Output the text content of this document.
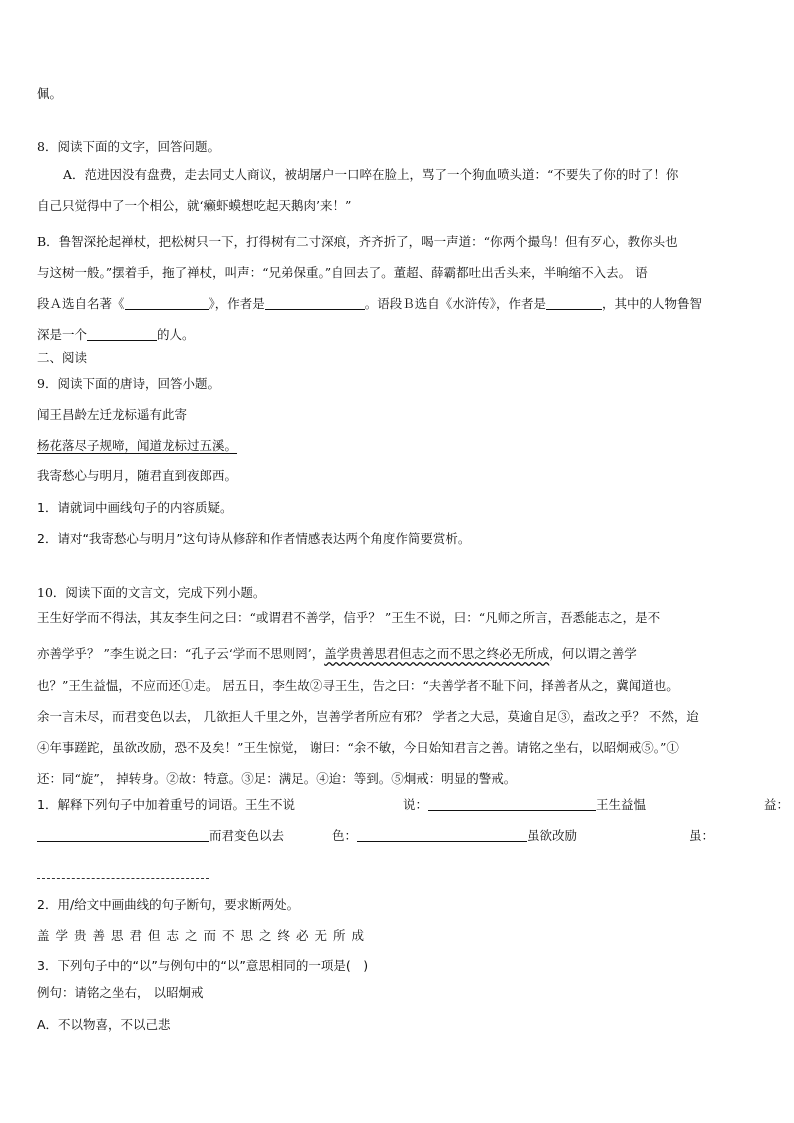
佩。
8．阅读下面的文字，回答问题。
A．范进因没有盘费，走去同丈人商议，被胡屠户一口啐在脸上，骂了一个狗血喷头道：“不要失了你的时了！你
自己只觉得中了一个相公，就‘癞虾蟆想吃起天鹅肉’来！”
B．鲁智深抡起禅杖，把松树只一下，打得树有二寸深痕，齐齐折了，喝一声道：“你两个撮鸟！但有歹心，教你头也
与这树一般。”摆着手，拖了禅杖，叫声：“兄弟保重。”自回去了。董超、薛霸都吐出舌头来，半晌缩不入去。 语
段Ａ选自名著《	》，作者是	。语段Ｂ选自《水浒传》，作者是	，其中的人物鲁智
深是一个	的人。
二、阅读
9．阅读下面的唐诗，回答小题。
闻王昌龄左迁龙标遥有此寄
杨花落尽子规啼，闻道龙标过五溪。
我寄愁心与明月，随君直到夜郎西。
1．请就词中画线句子的内容质疑。
2．请对“我寄愁心与明月”这句诗从修辞和作者情感表达两个角度作简要赏析。
10．阅读下面的文言文，完成下列小题。
王生好学而不得法，其友李生问之曰：“或谓君不善学，信乎？ ”王生不说，曰：“凡师之所言，吾悉能志之，是不
亦善学乎？ ”李生说之曰：“孔子云‘学而不思则罔’，盖学贵善思君但志之而不思之终必无所成，何以谓之善学
也？”王生益愠，不应而还①走。 居五日，李生故②寻王生，告之曰：“夫善学者不耻下问，择善者从之，冀闻道也。
余一言未尽，而君变色以去， 几欲拒人千里之外，岂善学者所应有邪？ 学者之大忌，莫逾自足③，盍改之乎？ 不然，迨
④年事蹉跎，虽欲改励，恐不及矣！”王生惊觉， 谢曰：“余不敏，今日始知君言之善。请铭之坐右，以昭炯戒⑤。”①
还：同“旋”， 掉转身。②故：特意。③足：满足。④迨：等到。⑤炯戒：明显的警戒。
1．解释下列句子中加着重号的词语。王生不说	说：	王生益愠	益：
而君变色以去	色：	虽欲改励	虽：
2．用/给文中画曲线的句子断句，要求断两处。
盖学贵善思君但志之而不思之终必无所成
3．下列句子中的“以”与例句中的“以”意思相同的一项是(　)
例句：请铭之坐右， 以昭炯戒
A．不以物喜，不以己悲
